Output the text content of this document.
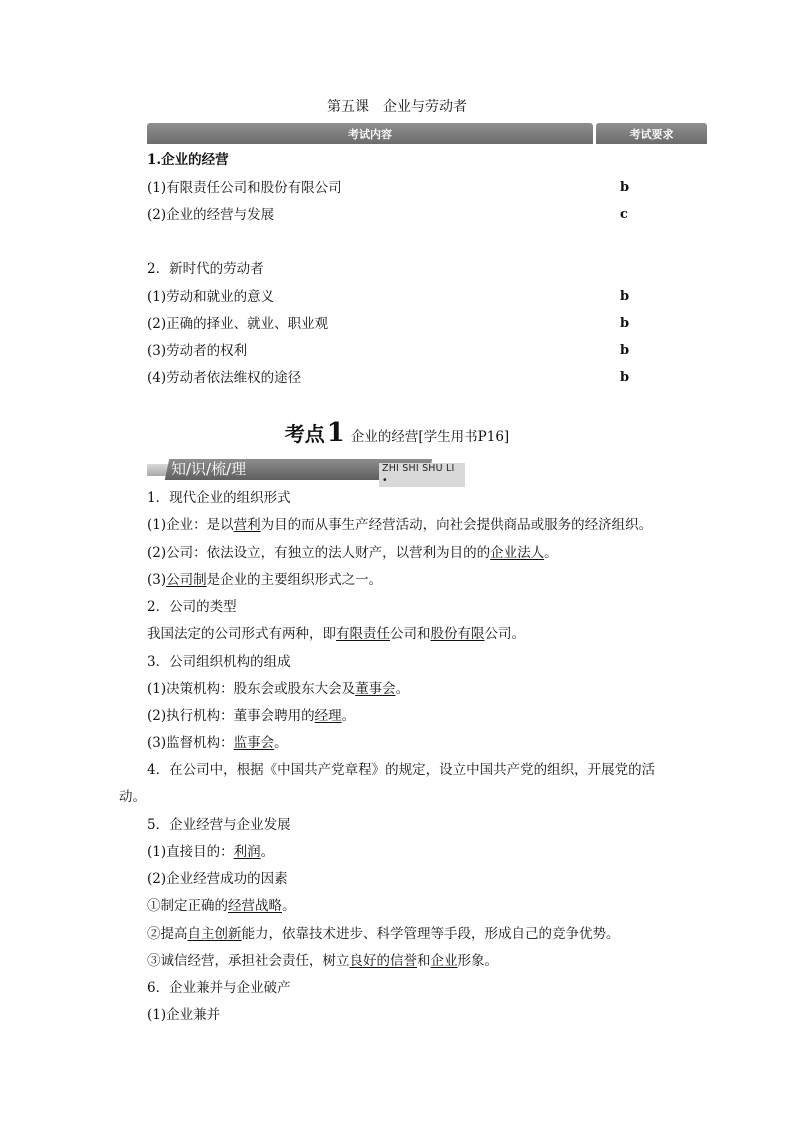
第五课　企业与劳动者
考试内容	考试要求
1.企业的经营
(1)有限责任公司和股份有限公司	b
(2)企业的经营与发展	c
2．新时代的劳动者
(1)劳动和就业的意义	b
(2)正确的择业、就业、职业观	b
(3)劳动者的权利	b
(4)劳动者依法维权的途径	b
考点1 企业的经营[学生用书P16]
知/识/梳/理	ZHI SHI SHU LI •
1．现代企业的组织形式
(1)企业：是以营利为目的而从事生产经营活动，向社会提供商品或服务的经济组织。
(2)公司：依法设立，有独立的法人财产，以营利为目的的企业法人。
(3)公司制是企业的主要组织形式之一。
2．公司的类型
我国法定的公司形式有两种，即有限责任公司和股份有限公司。
3．公司组织机构的组成
(1)决策机构：股东会或股东大会及董事会。
(2)执行机构：董事会聘用的经理。
(3)监督机构：监事会。
4．在公司中，根据《中国共产党章程》的规定，设立中国共产党的组织，开展党的活
动。
5．企业经营与企业发展
(1)直接目的：利润。
(2)企业经营成功的因素
①制定正确的经营战略。
②提高自主创新能力，依靠技术进步、科学管理等手段，形成自己的竞争优势。
③诚信经营，承担社会责任，树立良好的信誉和企业形象。
6．企业兼并与企业破产
(1)企业兼并
